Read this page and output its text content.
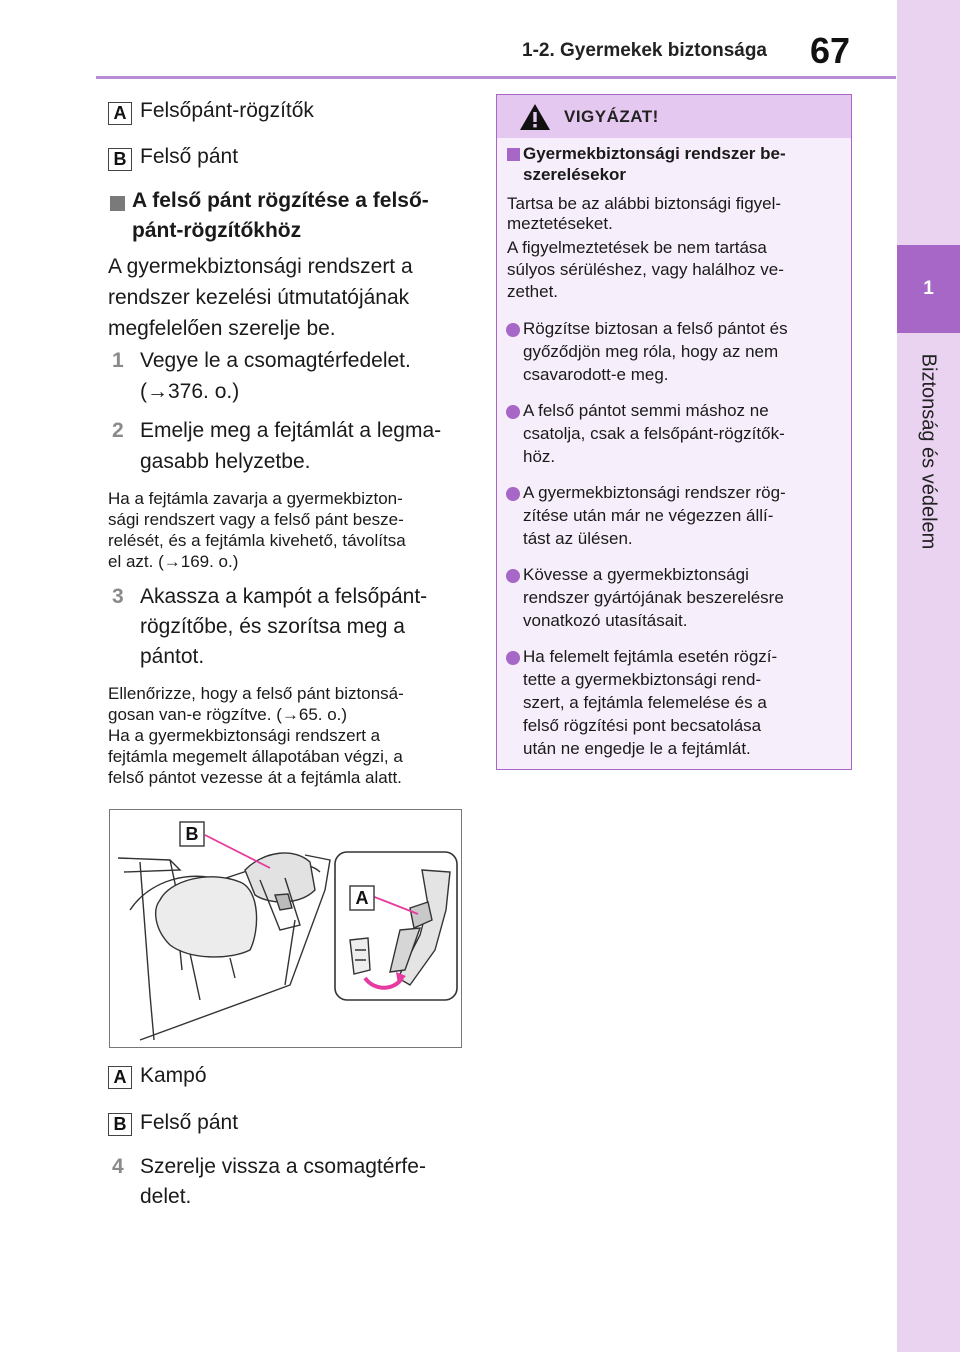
1-2. Gyermekek biztonsága 67
1
Biztonság és védelem
A Felsőpánt-rögzítők
B Felső pánt
A felső pánt rögzítése a felső-
pánt-rögzítőkhöz
A gyermekbiztonsági rendszert a
rendszer kezelési útmutatójának
megfelelően szerelje be.
1 Vegye le a csomagtérfedelet.
(→376. o.)
2 Emelje meg a fejtámlát a legma-
gasabb helyzetbe.
Ha a fejtámla zavarja a gyermekbizton-
sági rendszert vagy a felső pánt besze-
relését, és a fejtámla kivehető, távolítsa
el azt. (→169. o.)
3 Akassza a kampót a felsőpánt-
rögzítőbe, és szorítsa meg a
pántot.
Ellenőrizze, hogy a felső pánt biztonsá-
gosan van-e rögzítve. (→65. o.)
Ha a gyermekbiztonsági rendszert a
fejtámla megemelt állapotában végzi, a
felső pántot vezesse át a fejtámla alatt.
B
A
A Kampó
B Felső pánt
4 Szerelje vissza a csomagtérfe-
delet.
VIGYÁZAT!
Gyermekbiztonsági rendszer be-
szerelésekor
Tartsa be az alábbi biztonsági figyel-
meztetéseket.
A figyelmeztetések be nem tartása
súlyos sérüléshez, vagy halálhoz ve-
zethet.
Rögzítse biztosan a felső pántot és
győződjön meg róla, hogy az nem
csavarodott-e meg.
A felső pántot semmi máshoz ne
csatolja, csak a felsőpánt-rögzítők-
höz.
A gyermekbiztonsági rendszer rög-
zítése után már ne végezzen állí-
tást az ülésen.
Kövesse a gyermekbiztonsági
rendszer gyártójának beszerelésre
vonatkozó utasításait.
Ha felemelt fejtámla esetén rögzí-
tette a gyermekbiztonsági rend-
szert, a fejtámla felemelése és a
felső rögzítési pont becsatolása
után ne engedje le a fejtámlát.
